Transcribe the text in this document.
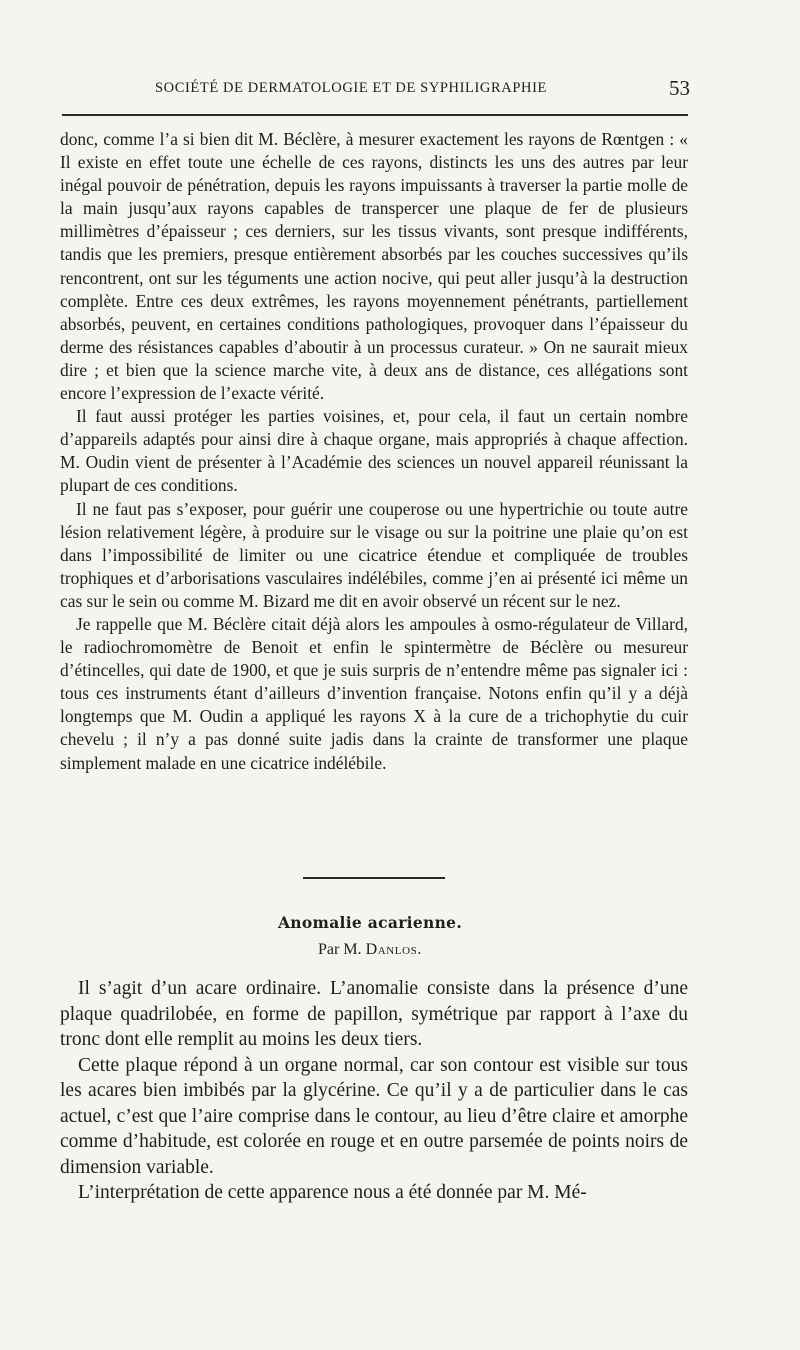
SOCIÉTÉ DE DERMATOLOGIE ET DE SYPHILIGRAPHIE	53

donc, comme l’a si bien dit M. Béclère, à mesurer exactement les rayons de Rœntgen : « Il existe en effet toute une échelle de ces rayons, distincts les uns des autres par leur inégal pouvoir de pénétration, depuis les rayons impuissants à traverser la partie molle de la main jusqu’aux rayons capables de transpercer une plaque de fer de plusieurs millimètres d’épaisseur ; ces derniers, sur les tissus vivants, sont presque indifférents, tandis que les premiers, presque entièrement absorbés par les couches successives qu’ils rencontrent, ont sur les téguments une action nocive, qui peut aller jusqu’à la destruction complète. Entre ces deux extrêmes, les rayons moyennement pénétrants, partiellement absorbés, peuvent, en certaines conditions pathologiques, provoquer dans l’épaisseur du derme des résistances capables d’aboutir à un processus curateur. » On ne saurait mieux dire ; et bien que la science marche vite, à deux ans de distance, ces allégations sont encore l’expression de l’exacte vérité.

Il faut aussi protéger les parties voisines, et, pour cela, il faut un certain nombre d’appareils adaptés pour ainsi dire à chaque organe, mais appropriés à chaque affection. M. Oudin vient de présenter à l’Académie des sciences un nouvel appareil réunissant la plupart de ces conditions.

Il ne faut pas s’exposer, pour guérir une couperose ou une hypertrichie ou toute autre lésion relativement légère, à produire sur le visage ou sur la poitrine une plaie qu’on est dans l’impossibilité de limiter ou une cicatrice étendue et compliquée de troubles trophiques et d’arborisations vasculaires indélébiles, comme j’en ai présenté ici même un cas sur le sein ou comme M. Bizard me dit en avoir observé un récent sur le nez.

Je rappelle que M. Béclère citait déjà alors les ampoules à osmo-régulateur de Villard, le radiochromomètre de Benoit et enfin le spintermètre de Béclère ou mesureur d’étincelles, qui date de 1900, et que je suis surpris de n’entendre même pas signaler ici : tous ces instruments étant d’ailleurs d’invention française. Notons enfin qu’il y a déjà longtemps que M. Oudin a appliqué les rayons X à la cure de a trichophytie du cuir chevelu ; il n’y a pas donné suite jadis dans la crainte de transformer une plaque simplement malade en une cicatrice indélébile.

Anomalie acarienne.
Par M. Danlos.

Il s’agit d’un acare ordinaire. L’anomalie consiste dans la présence d’une plaque quadrilobée, en forme de papillon, symétrique par rapport à l’axe du tronc dont elle remplit au moins les deux tiers.

Cette plaque répond à un organe normal, car son contour est visible sur tous les acares bien imbibés par la glycérine. Ce qu’il y a de particulier dans le cas actuel, c’est que l’aire comprise dans le contour, au lieu d’être claire et amorphe comme d’habitude, est colorée en rouge et en outre parsemée de points noirs de dimension variable.

L’interprétation de cette apparence nous a été donnée par M. Mé-
